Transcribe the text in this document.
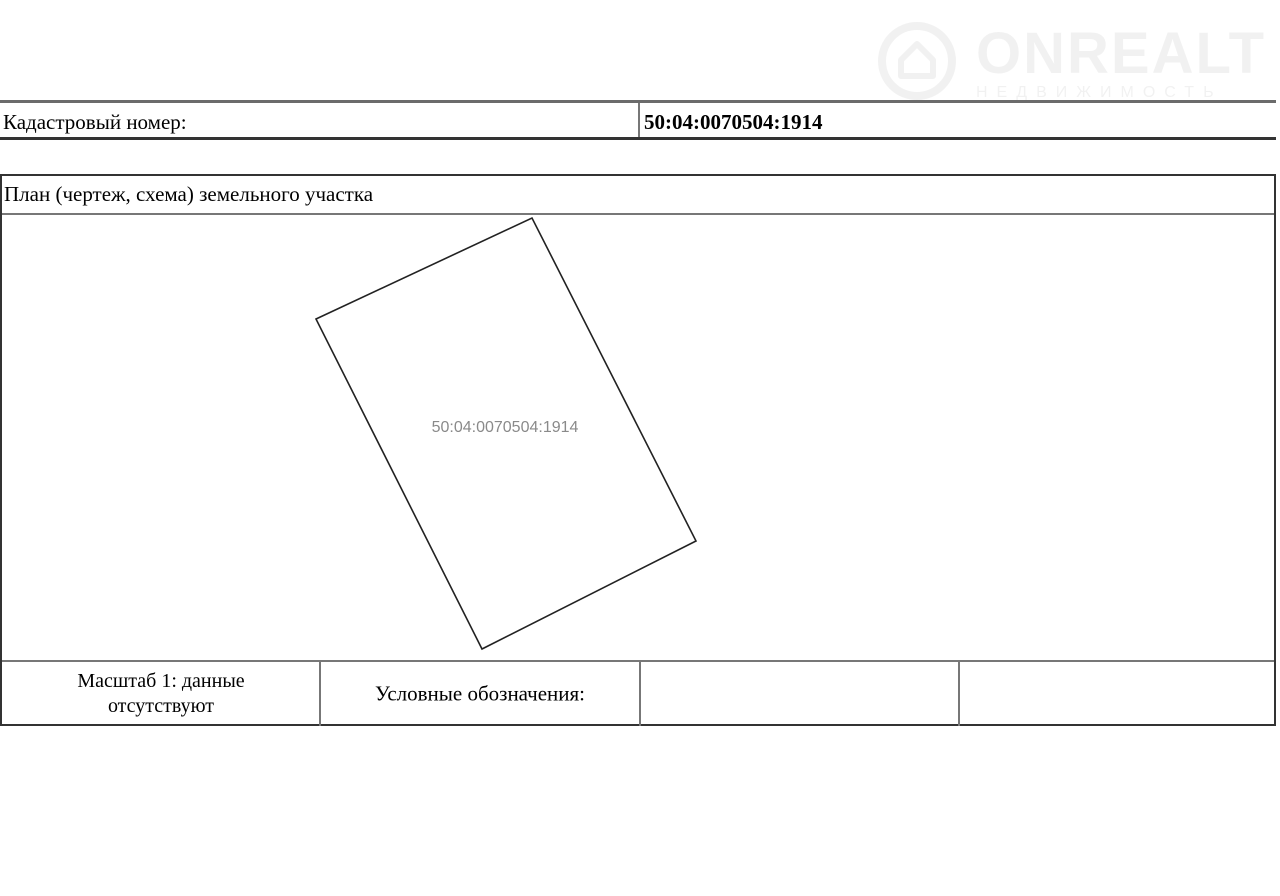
ONREALT
НЕДВИЖИМОСТЬ
Кадастровый номер:	50:04:0070504:1914
План (чертеж, схема) земельного участка
50:04:0070504:1914
Масштаб 1: данные
отсутствуют
Условные обозначения:
